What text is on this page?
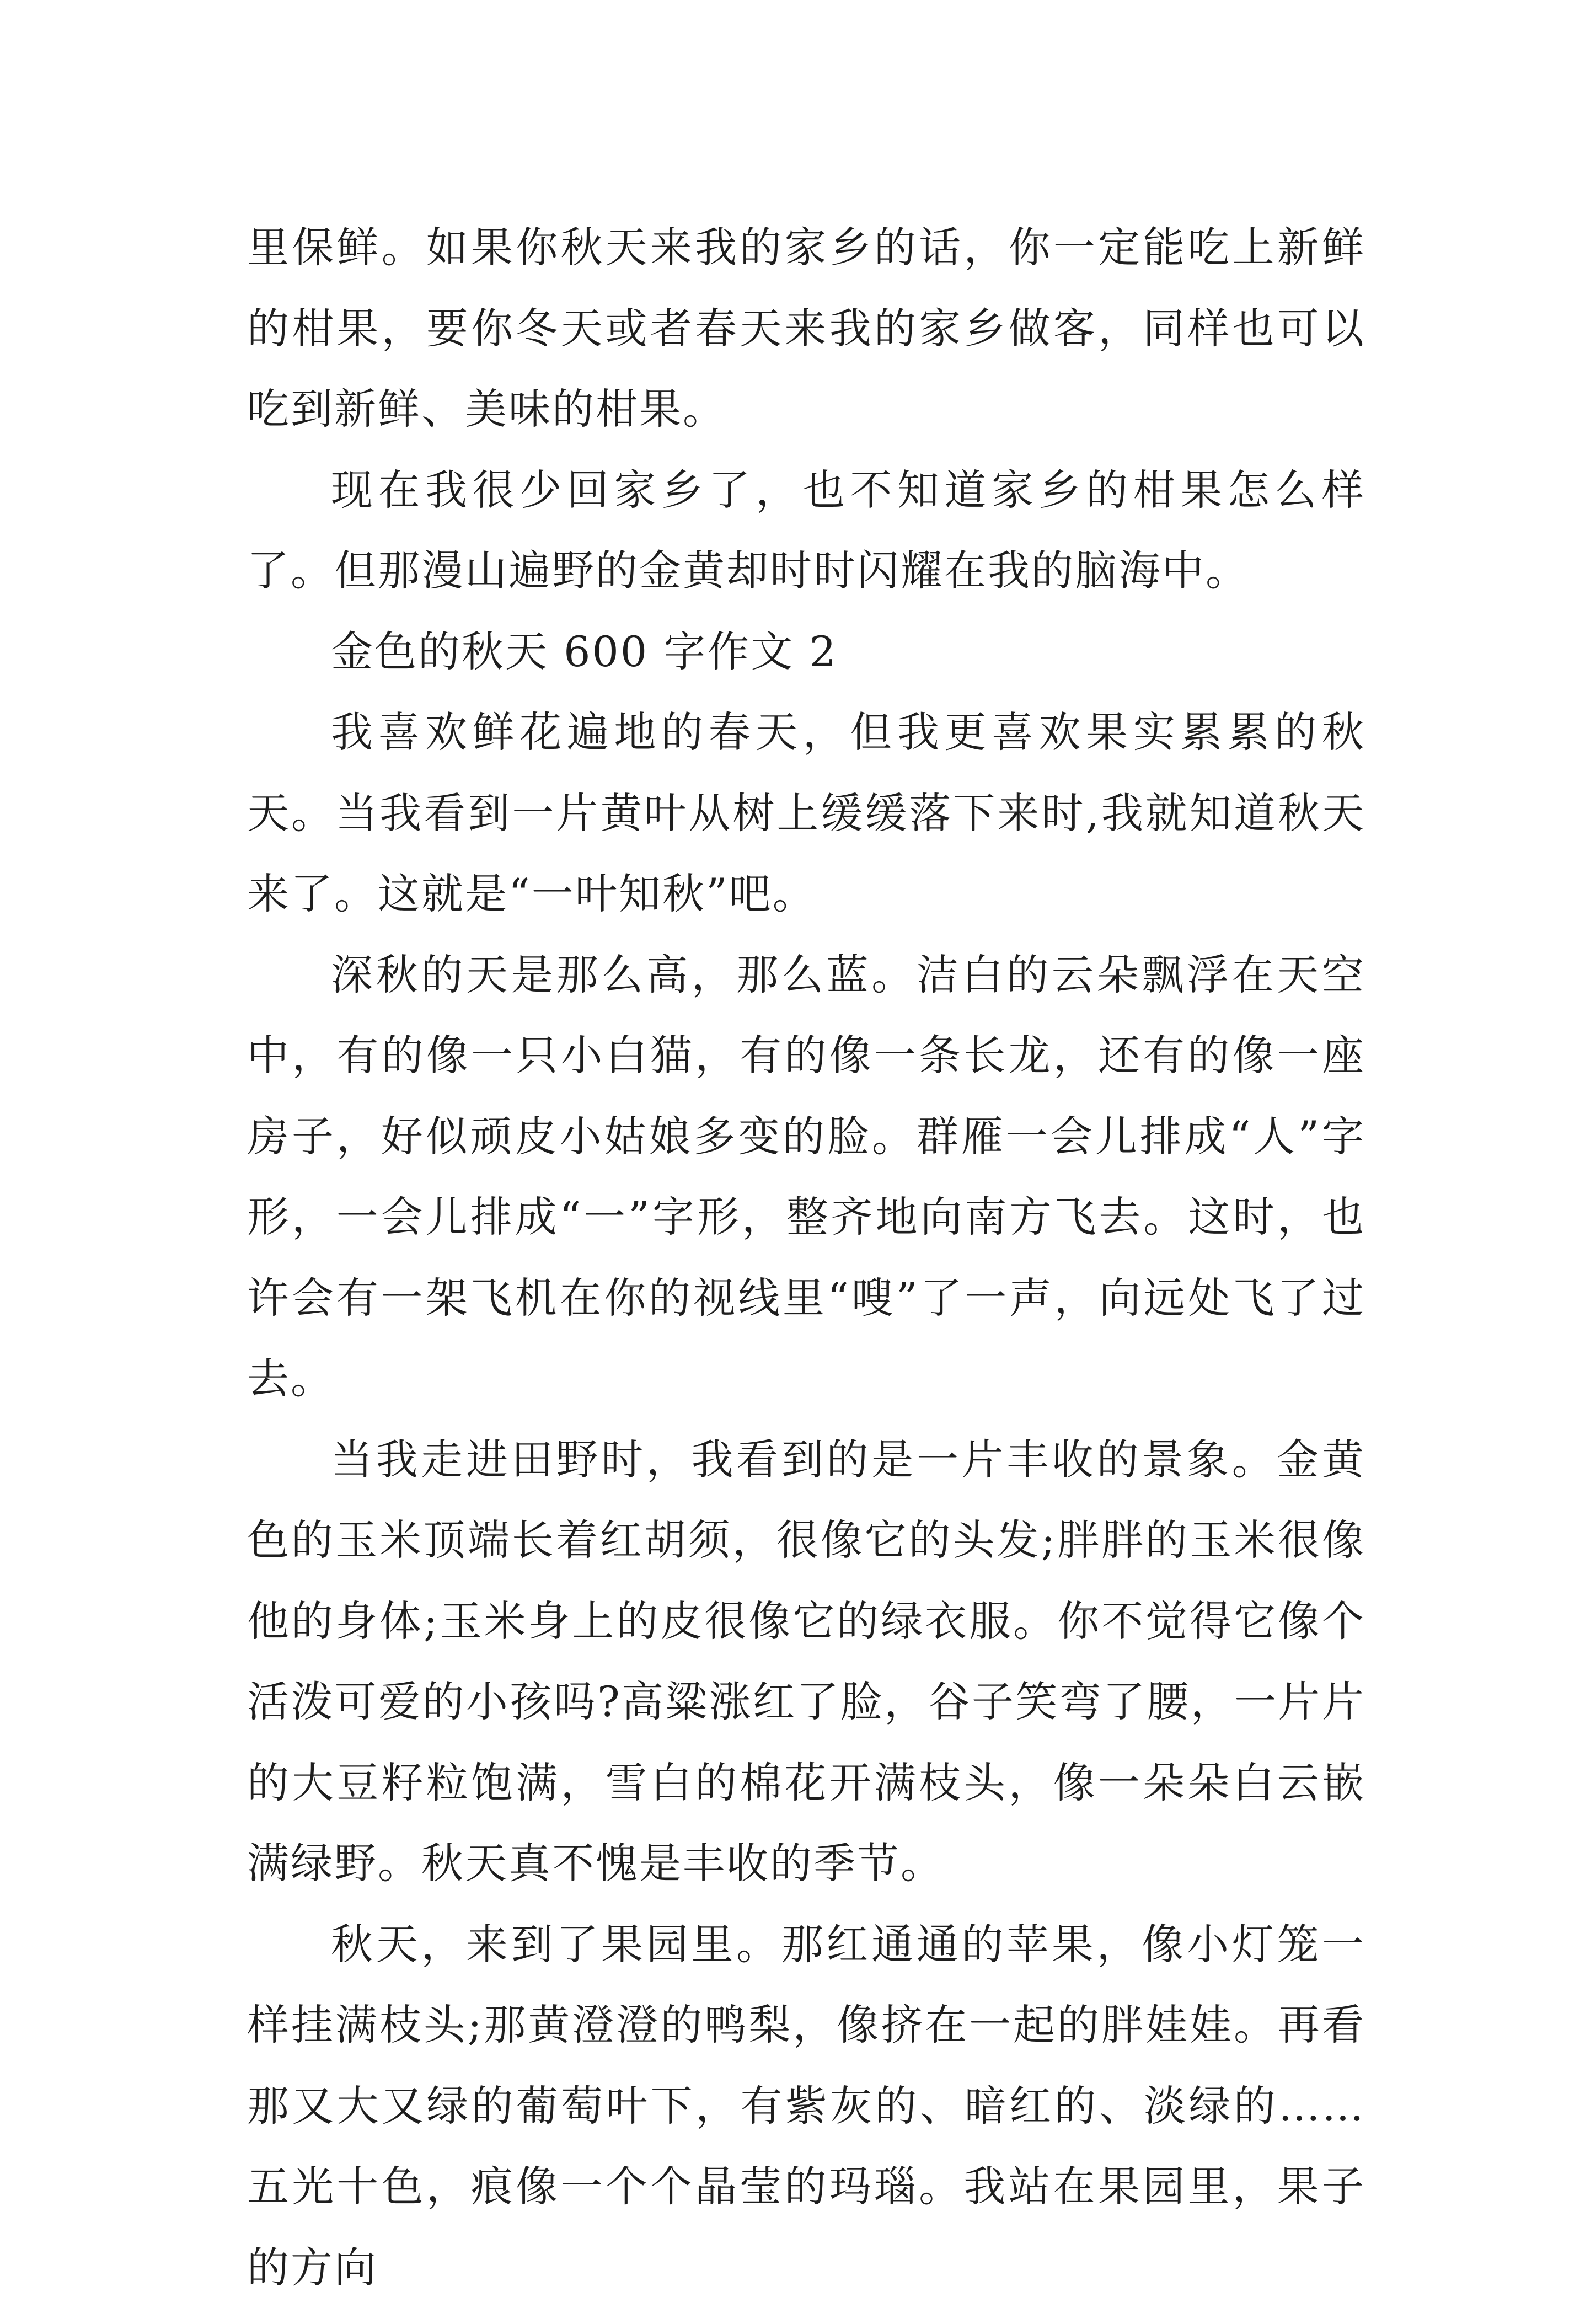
里保鲜。如果你秋天来我的家乡的话，你一定能吃上新鲜的柑果，要你冬天或者春天来我的家乡做客，同样也可以吃到新鲜、美味的柑果。

现在我很少回家乡了，也不知道家乡的柑果怎么样了。但那漫山遍野的金黄却时时闪耀在我的脑海中。

金色的秋天 600 字作文 2

我喜欢鲜花遍地的春天，但我更喜欢果实累累的秋天。当我看到一片黄叶从树上缓缓落下来时,我就知道秋天来了。这就是“一叶知秋”吧。

深秋的天是那么高，那么蓝。洁白的云朵飘浮在天空中，有的像一只小白猫，有的像一条长龙，还有的像一座房子，好似顽皮小姑娘多变的脸。群雁一会儿排成“人”字形，一会儿排成“一”字形，整齐地向南方飞去。这时，也许会有一架飞机在你的视线里“嗖”了一声，向远处飞了过去。

当我走进田野时，我看到的是一片丰收的景象。金黄色的玉米顶端长着红胡须，很像它的头发;胖胖的玉米很像他的身体;玉米身上的皮很像它的绿衣服。你不觉得它像个活泼可爱的小孩吗?高粱涨红了脸，谷子笑弯了腰，一片片的大豆籽粒饱满，雪白的棉花开满枝头，像一朵朵白云嵌满绿野。秋天真不愧是丰收的季节。

秋天，来到了果园里。那红通通的苹果，像小灯笼一样挂满枝头;那黄澄澄的鸭梨，像挤在一起的胖娃娃。再看那又大又绿的葡萄叶下，有紫灰的、暗红的、淡绿的……五光十色，痕像一个个晶莹的玛瑙。我站在果园里，果子的方向
